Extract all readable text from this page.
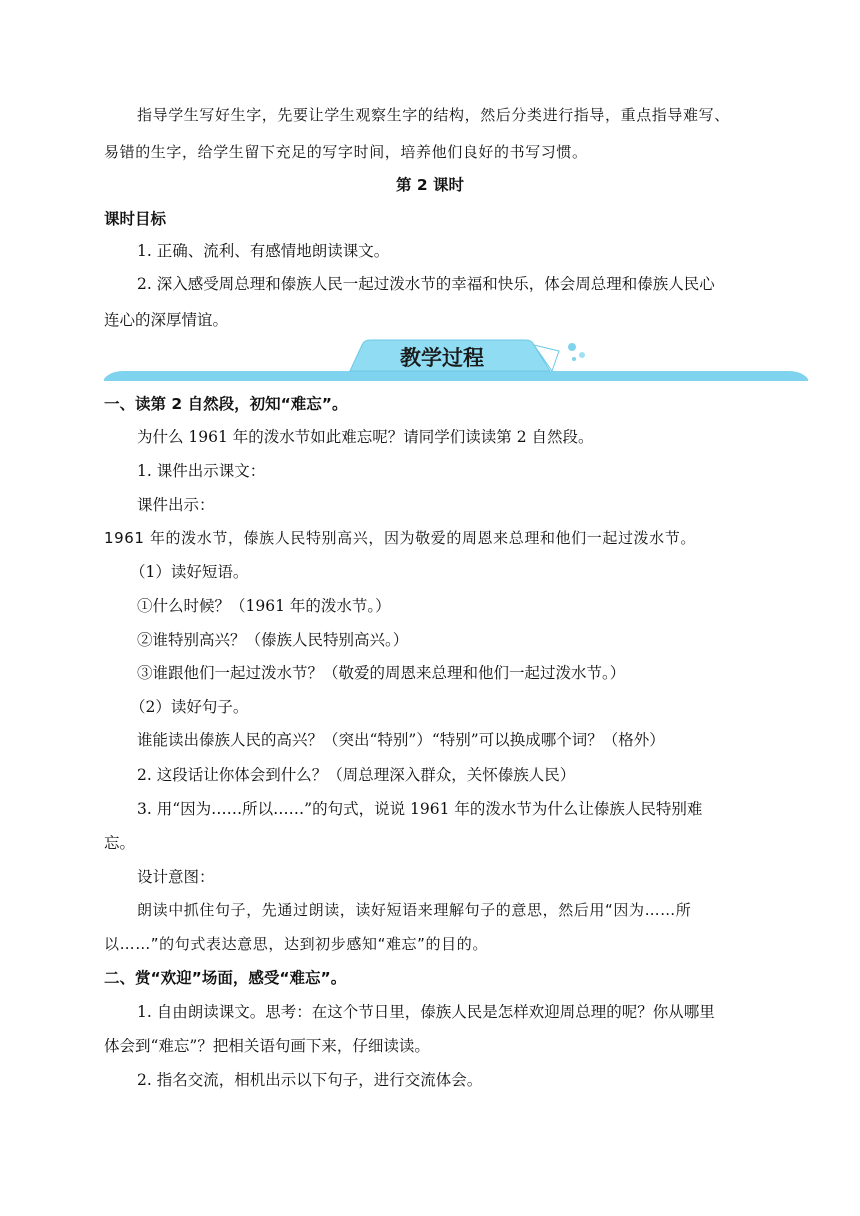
指导学生写好生字，先要让学生观察生字的结构，然后分类进行指导，重点指导难写、
易错的生字，给学生留下充足的写字时间，培养他们良好的书写习惯。
第 2 课时
课时目标
1. 正确、流利、有感情地朗读课文。
2. 深入感受周总理和傣族人民一起过泼水节的幸福和快乐，体会周总理和傣族人民心
连心的深厚情谊。
教学过程
一、读第 2 自然段，初知“难忘”。
为什么 1961 年的泼水节如此难忘呢？请同学们读读第 2 自然段。
1. 课件出示课文：
课件出示：
1961 年的泼水节，傣族人民特别高兴，因为敬爱的周恩来总理和他们一起过泼水节。
（1）读好短语。
①什么时候？（1961 年的泼水节。）
②谁特别高兴？（傣族人民特别高兴。）
③谁跟他们一起过泼水节？（敬爱的周恩来总理和他们一起过泼水节。）
（2）读好句子。
谁能读出傣族人民的高兴？（突出“特别”）“特别”可以换成哪个词？（格外）
2. 这段话让你体会到什么？（周总理深入群众，关怀傣族人民）
3. 用“因为……所以……”的句式，说说 1961 年的泼水节为什么让傣族人民特别难
忘。
设计意图：
朗读中抓住句子，先通过朗读，读好短语来理解句子的意思，然后用“因为……所
以……”的句式表达意思，达到初步感知“难忘”的目的。
二、赏“欢迎”场面，感受“难忘”。
1. 自由朗读课文。思考：在这个节日里，傣族人民是怎样欢迎周总理的呢？你从哪里
体会到“难忘”？把相关语句画下来，仔细读读。
2. 指名交流，相机出示以下句子，进行交流体会。
